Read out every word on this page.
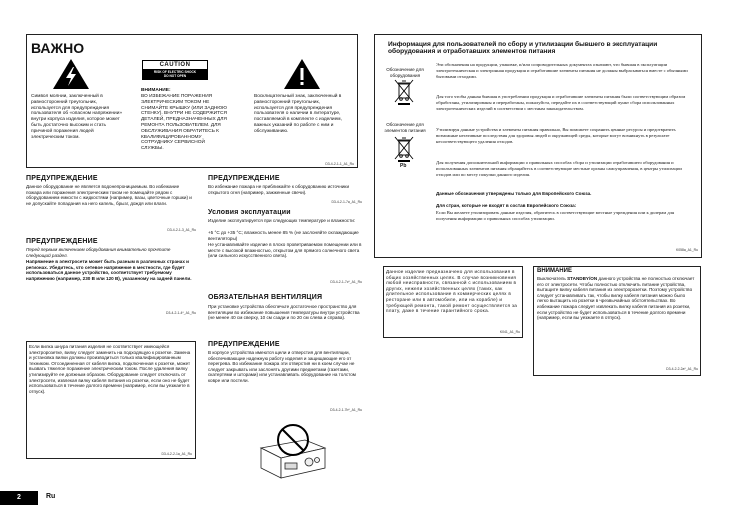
ВАЖНО
Символ молнии, заключенный в равносторонний треугольник, используется для предупреждения пользователя об «опасном напряжении» внутри корпуса изделия, которое может быть достаточно высоким и стать причиной поражения людей электрическим током.
CAUTION
RISK OF ELECTRIC SHOCK
DO NOT OPEN
ВНИМАНИЕ:
ВО ИЗБЕЖАНИЕ ПОРАЖЕНИЯ ЭЛЕКТРИЧЕСКИМ ТОКОМ НЕ СНИМАЙТЕ КРЫШКУ (ИЛИ ЗАДНЮЮ СТЕНКУ). ВНУТРИ НЕ СОДЕРЖИТСЯ ДЕТАЛЕЙ, ПРЕДНАЗНАЧЕННЫХ ДЛЯ РЕМОНТА ПОЛЬЗОВАТЕЛЕМ. ДЛЯ ОБСЛУЖИВАНИЯ ОБРАТИТЕСЬ К КВАЛИФИЦИРОВАННОМУ СОТРУДНИКУ СЕРВИСНОЙ СЛУЖБЫ.
Восклицательный знак, заключенный в равносторонний треугольник, используется для предупреждения пользователя о наличии в литературе, поставляемой в комплекте с изделием, важных указаний по работе с ним и обслуживанию.
D3-4-2-1-1_A1_Ru
ПРЕДУПРЕЖДЕНИЕ
Данное оборудование не является водонепроницаемым. Во избежание пожара или поражения электрическим током не помещайте рядом с оборудованием емкости с жидкостями (например, вазы, цветочные горшки) и не допускайте попадания на него капель, брызг, дождя или влаги.
D3-4-2-1-3_A1_Ru
ПРЕДУПРЕЖДЕНИЕ
Перед первым включением оборудования внимательно прочтите следующий раздел.
Напряжение в электросети может быть разным в различных странах и регионах. Убедитесь, что сетевое напряжение в местности, где будет использоваться данное устройство, соответствует требуемому напряжению (например, 230 В или 120 В), указанному на задней панели.
D3-4-2-1-4*_A1_Ru
Если вилка шнура питания изделия не соответствует имеющейся электророзетке, вилку следует заменить на подходящую к розетке. Замена и установка вилки должны производиться только квалифицированным техником. Отсоединенная от кабеля вилка, подключенная к розетке, может вызвать тяжелое поражение электрическим током. После удаления вилку утилизируйте ее должным образом. Оборудование следует отключать от электросети, извлекая вилку кабеля питания из розетки, если оно не будет использоваться в течение долгого времени (например, если вы уезжаете в отпуск).
D3-4-2-2-1a_A1_Ru
ПРЕДУПРЕЖДЕНИЕ
Во избежание пожара не приближайте к оборудованию источники открытого огня (например, зажженные свечи).
D3-4-2-1-7a_A1_Ru
Условия эксплуатации
Изделие эксплуатируется при следующих температуре и влажности:
+5 °C до +35 °C; влажность менее 85 % (не заслоняйте охлаждающие вентиляторы)
Не устанавливайте изделие в плохо проветриваемом помещении или в месте с высокой влажностью, открытом для прямого солнечного света (или сильного искусственного света).
D3-4-2-1-7c*_A1_Ru
ОБЯЗАТЕЛЬНАЯ ВЕНТИЛЯЦИЯ
При установке устройства обеспечьте достаточное пространство для вентиляции во избежание повышения температуры внутри устройства (не менее 40 см сверху, 10 см сзади и по 20 см слева и справа).
ПРЕДУПРЕЖДЕНИЕ
В корпусе устройства имеются щели и отверстия для вентиляции, обеспечивающие надежную работу изделия и защищающие его от перегрева. Во избежание пожара эти отверстия ни в коем случае не следует закрывать или заслонять другими предметами (газетами, скатертями и шторами) или устанавливать оборудование на толстом ковре или постели.
D3-4-2-1-7b*_A1_Ru
Информация для пользователей по сбору и утилизации бывшего в эксплуатации оборудования и отработавших элементов питания
Обозначение для оборудования
Обозначение для элементов питания
Pb
Эти обозначения на продукции, упаковке, и/или сопроводительных документах означают, что бывшая в эксплуатации электротехническая и электронная продукция и отработавшие элементы питания не должны выбрасываться вместе с обычными бытовыми отходами.
Для того чтобы данная бывшая в употреблении продукция и отработавшие элементы питания были соответствующим образом обработаны, утилизированы и переработаны, пожалуйста, передайте их в соответствующий пункт сбора использованных электротехнических изделий в соответствии с местным законодательством.
Утилизируя данные устройства и элементы питания правильно, Вы поможете сохранить ценные ресурсы и предотвратить возможные негативные последствия для здоровья людей и окружающей среды, которые могут возникнуть в результате несоответствующего удаления отходов.
Для получения дополнительной информации о правильных способах сбора и утилизации отработавшего оборудования и использованных элементов питания обращайтесь в соответствующие местные органы самоуправления, в центры утилизации отходов или по месту покупки данного изделия.
Данные обозначения утверждены только для Европейского Союза.
Для стран, которые не входят в состав Европейского Союза:
Если Вы желаете утилизировать данные изделия, обратитесь в соответствующие местные учреждения или к дилерам для получения информации о правильных способах утилизации.
K058a_A1_Ru
Данное изделие предназначено для использования в общих хозяйственных целях. В случае возникновения любой неисправности, связанной с использованием в других, нежели хозяйственных целях (таких, как длительное использование в коммерческих целях в ресторане или в автомобиле, или на корабле) и требующей ремонта, такой ремонт осуществляется за плату, даже в течение гарантийного срока.
K041_A1_Ru
ВНИМАНИЕ
Выключатель STANDBY/ON данного устройства не полностью отключает его от электросети. Чтобы полностью отключить питание устройства, вытащите вилку кабеля питания из электророзетки. Поэтому устройство следует устанавливать так, чтобы вилку кабеля питания можно было легко вытащить из розетки в чрезвычайных обстоятельствах. Во избежание пожара следует извлекать вилку кабеля питания из розетки, если устройство не будет использоваться в течение долгого времени (например, если вы уезжаете в отпуск).
D3-4-2-2-2a*_A1_Ru
2	Ru
